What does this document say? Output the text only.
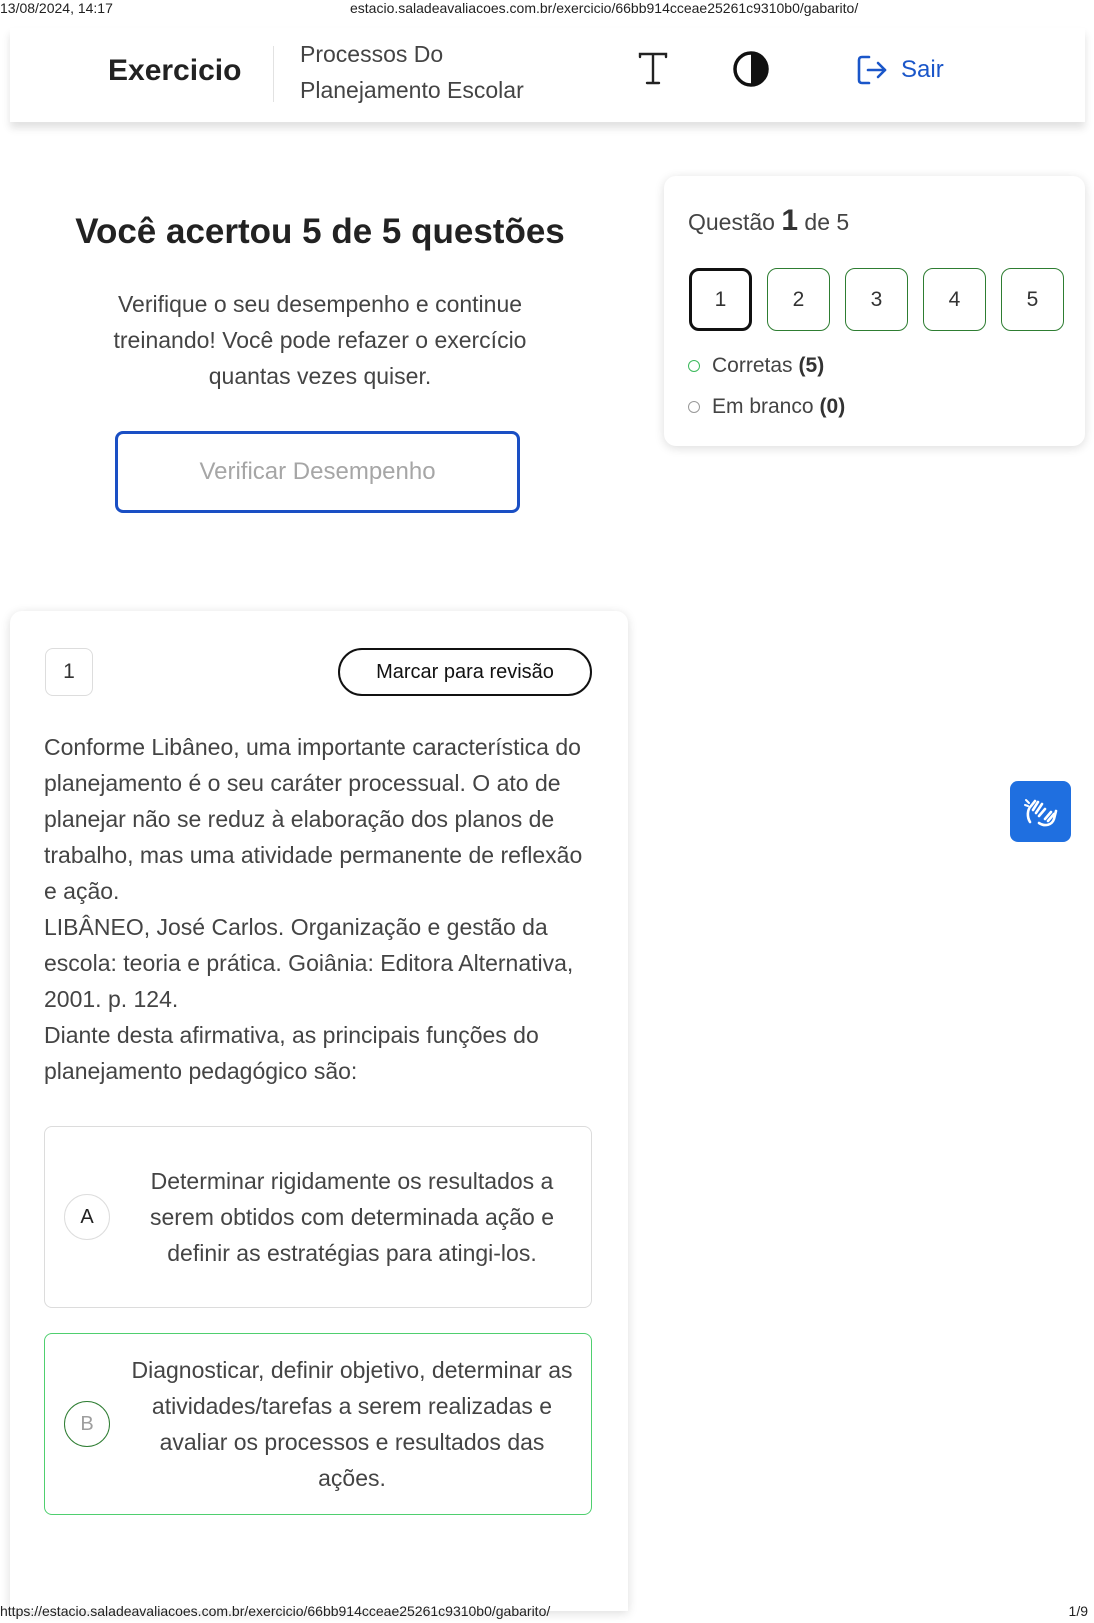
13/08/2024, 14:17	estacio.saladeavaliacoes.com.br/exercicio/66bb914cceae25261c9310b0/gabarito/
Exercicio	Processos Do Planejamento Escolar
Sair
Você acertou 5 de 5 questões

Verifique o seu desempenho e continue treinando! Você pode refazer o exercício quantas vezes quiser.

Verificar Desempenho
Questão 1 de 5
1	2	3	4	5
Corretas (5)
Em branco (0)
1	Marcar para revisão

Conforme Libâneo, uma importante característica do planejamento é o seu caráter processual. O ato de planejar não se reduz à elaboração dos planos de trabalho, mas uma atividade permanente de reflexão e ação.

LIBÂNEO, José Carlos. Organização e gestão da escola: teoria e prática. Goiânia: Editora Alternativa, 2001. p. 124.

Diante desta afirmativa, as principais funções do planejamento pedagógico são:

A
Determinar rigidamente os resultados a serem obtidos com determinada ação e definir as estratégias para atingi-los.
B
Diagnosticar, definir objetivo, determinar as atividades/tarefas a serem realizadas e avaliar os processos e resultados das ações.
https://estacio.saladeavaliacoes.com.br/exercicio/66bb914cceae25261c9310b0/gabarito/	1/9
